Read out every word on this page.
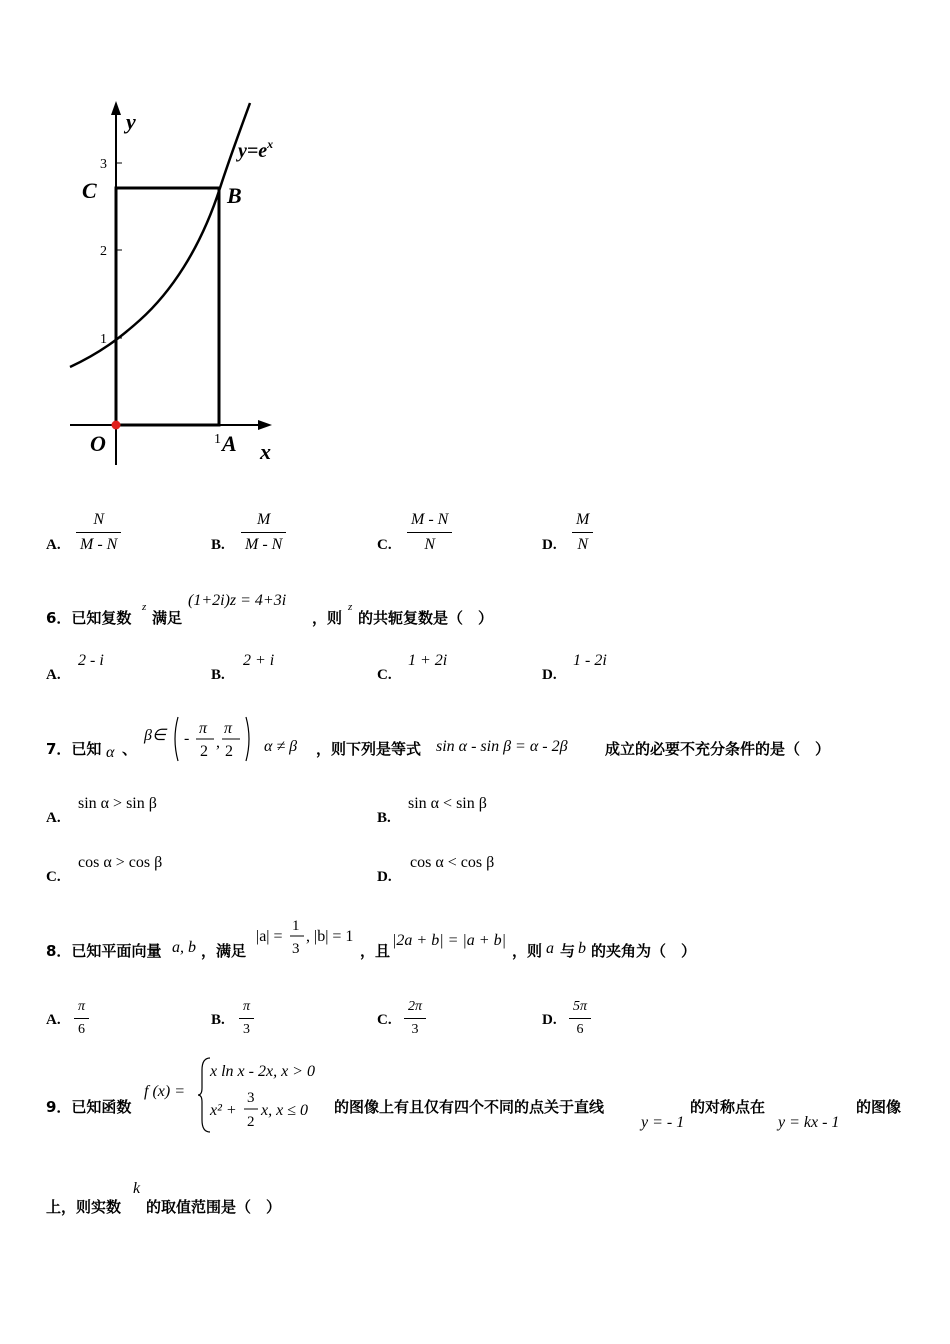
y
x
$y=e^x$
3
2
1
C	B
O	1 A
A.
N
M - N	B.
M
M - N	C.
M - N
N	D.
M
N
6．已知复数
z
满足
(1+2i)z = 4+3i
，则
z
的共轭复数是（　）
A.
2 - i
B.
2 + i
C.
1 + 2i
D.
1 - 2i
7．已知 α 、
β∈ -
π
2
,
π
2 α ≠ β ，则下列是等式 sin α - sin β = α - 2β 成立的必要不充分条件的是（　）
A.
sin α > sin β
B.
sin α < sin β
C.
cos α > cos β
D.
cos α < cos β
8．已知平面向量 a, b ，满足
|a| =
1
3
, |b| = 1
，且
|2a + b| = |a + b|
，则 a 与 b 的夹角为（　）
A.
π
6
B.
π
3
C.
2π
3
D.
5π
6
9．已知函数
f (x) =
x ln x - 2x, x > 0
x² +
3
2
x, x ≤ 0 的图像上有且仅有四个不同的点关于直线
y = - 1
的对称点在
y = kx - 1
的图像
上，则实数
k
的取值范围是（　）
